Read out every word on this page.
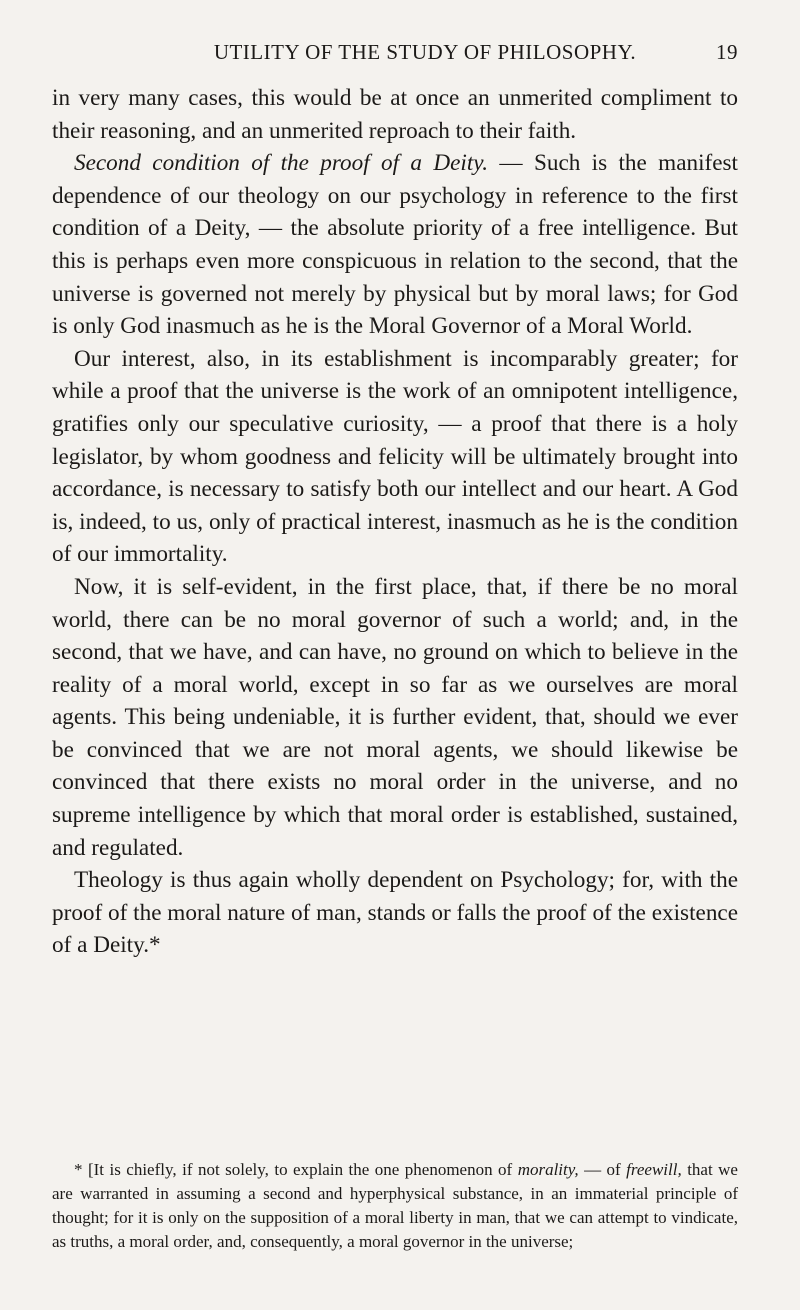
UTILITY OF THE STUDY OF PHILOSOPHY.	19

in very many cases, this would be at once an unmerited compliment to their reasoning, and an unmerited reproach to their faith.

Second condition of the proof of a Deity. — Such is the manifest dependence of our theology on our psychology in reference to the first condition of a Deity, — the absolute priority of a free intelligence. But this is perhaps even more conspicuous in relation to the second, that the universe is governed not merely by physical but by moral laws; for God is only God inasmuch as he is the Moral Governor of a Moral World.

Our interest, also, in its establishment is incomparably greater; for while a proof that the universe is the work of an omnipotent intelligence, gratifies only our speculative curiosity, — a proof that there is a holy legislator, by whom goodness and felicity will be ultimately brought into accordance, is necessary to satisfy both our intellect and our heart. A God is, indeed, to us, only of practical interest, inasmuch as he is the condition of our immortality.

Now, it is self-evident, in the first place, that, if there be no moral world, there can be no moral governor of such a world; and, in the second, that we have, and can have, no ground on which to believe in the reality of a moral world, except in so far as we ourselves are moral agents. This being undeniable, it is further evident, that, should we ever be convinced that we are not moral agents, we should likewise be convinced that there exists no moral order in the universe, and no supreme intelligence by which that moral order is established, sustained, and regulated.

Theology is thus again wholly dependent on Psychology; for, with the proof of the moral nature of man, stands or falls the proof of the existence of a Deity.*

* [It is chiefly, if not solely, to explain the one phenomenon of morality, — of freewill, that we are warranted in assuming a second and hyperphysical substance, in an immaterial principle of thought; for it is only on the supposition of a moral liberty in man, that we can attempt to vindicate, as truths, a moral order, and, consequently, a moral governor in the universe;
